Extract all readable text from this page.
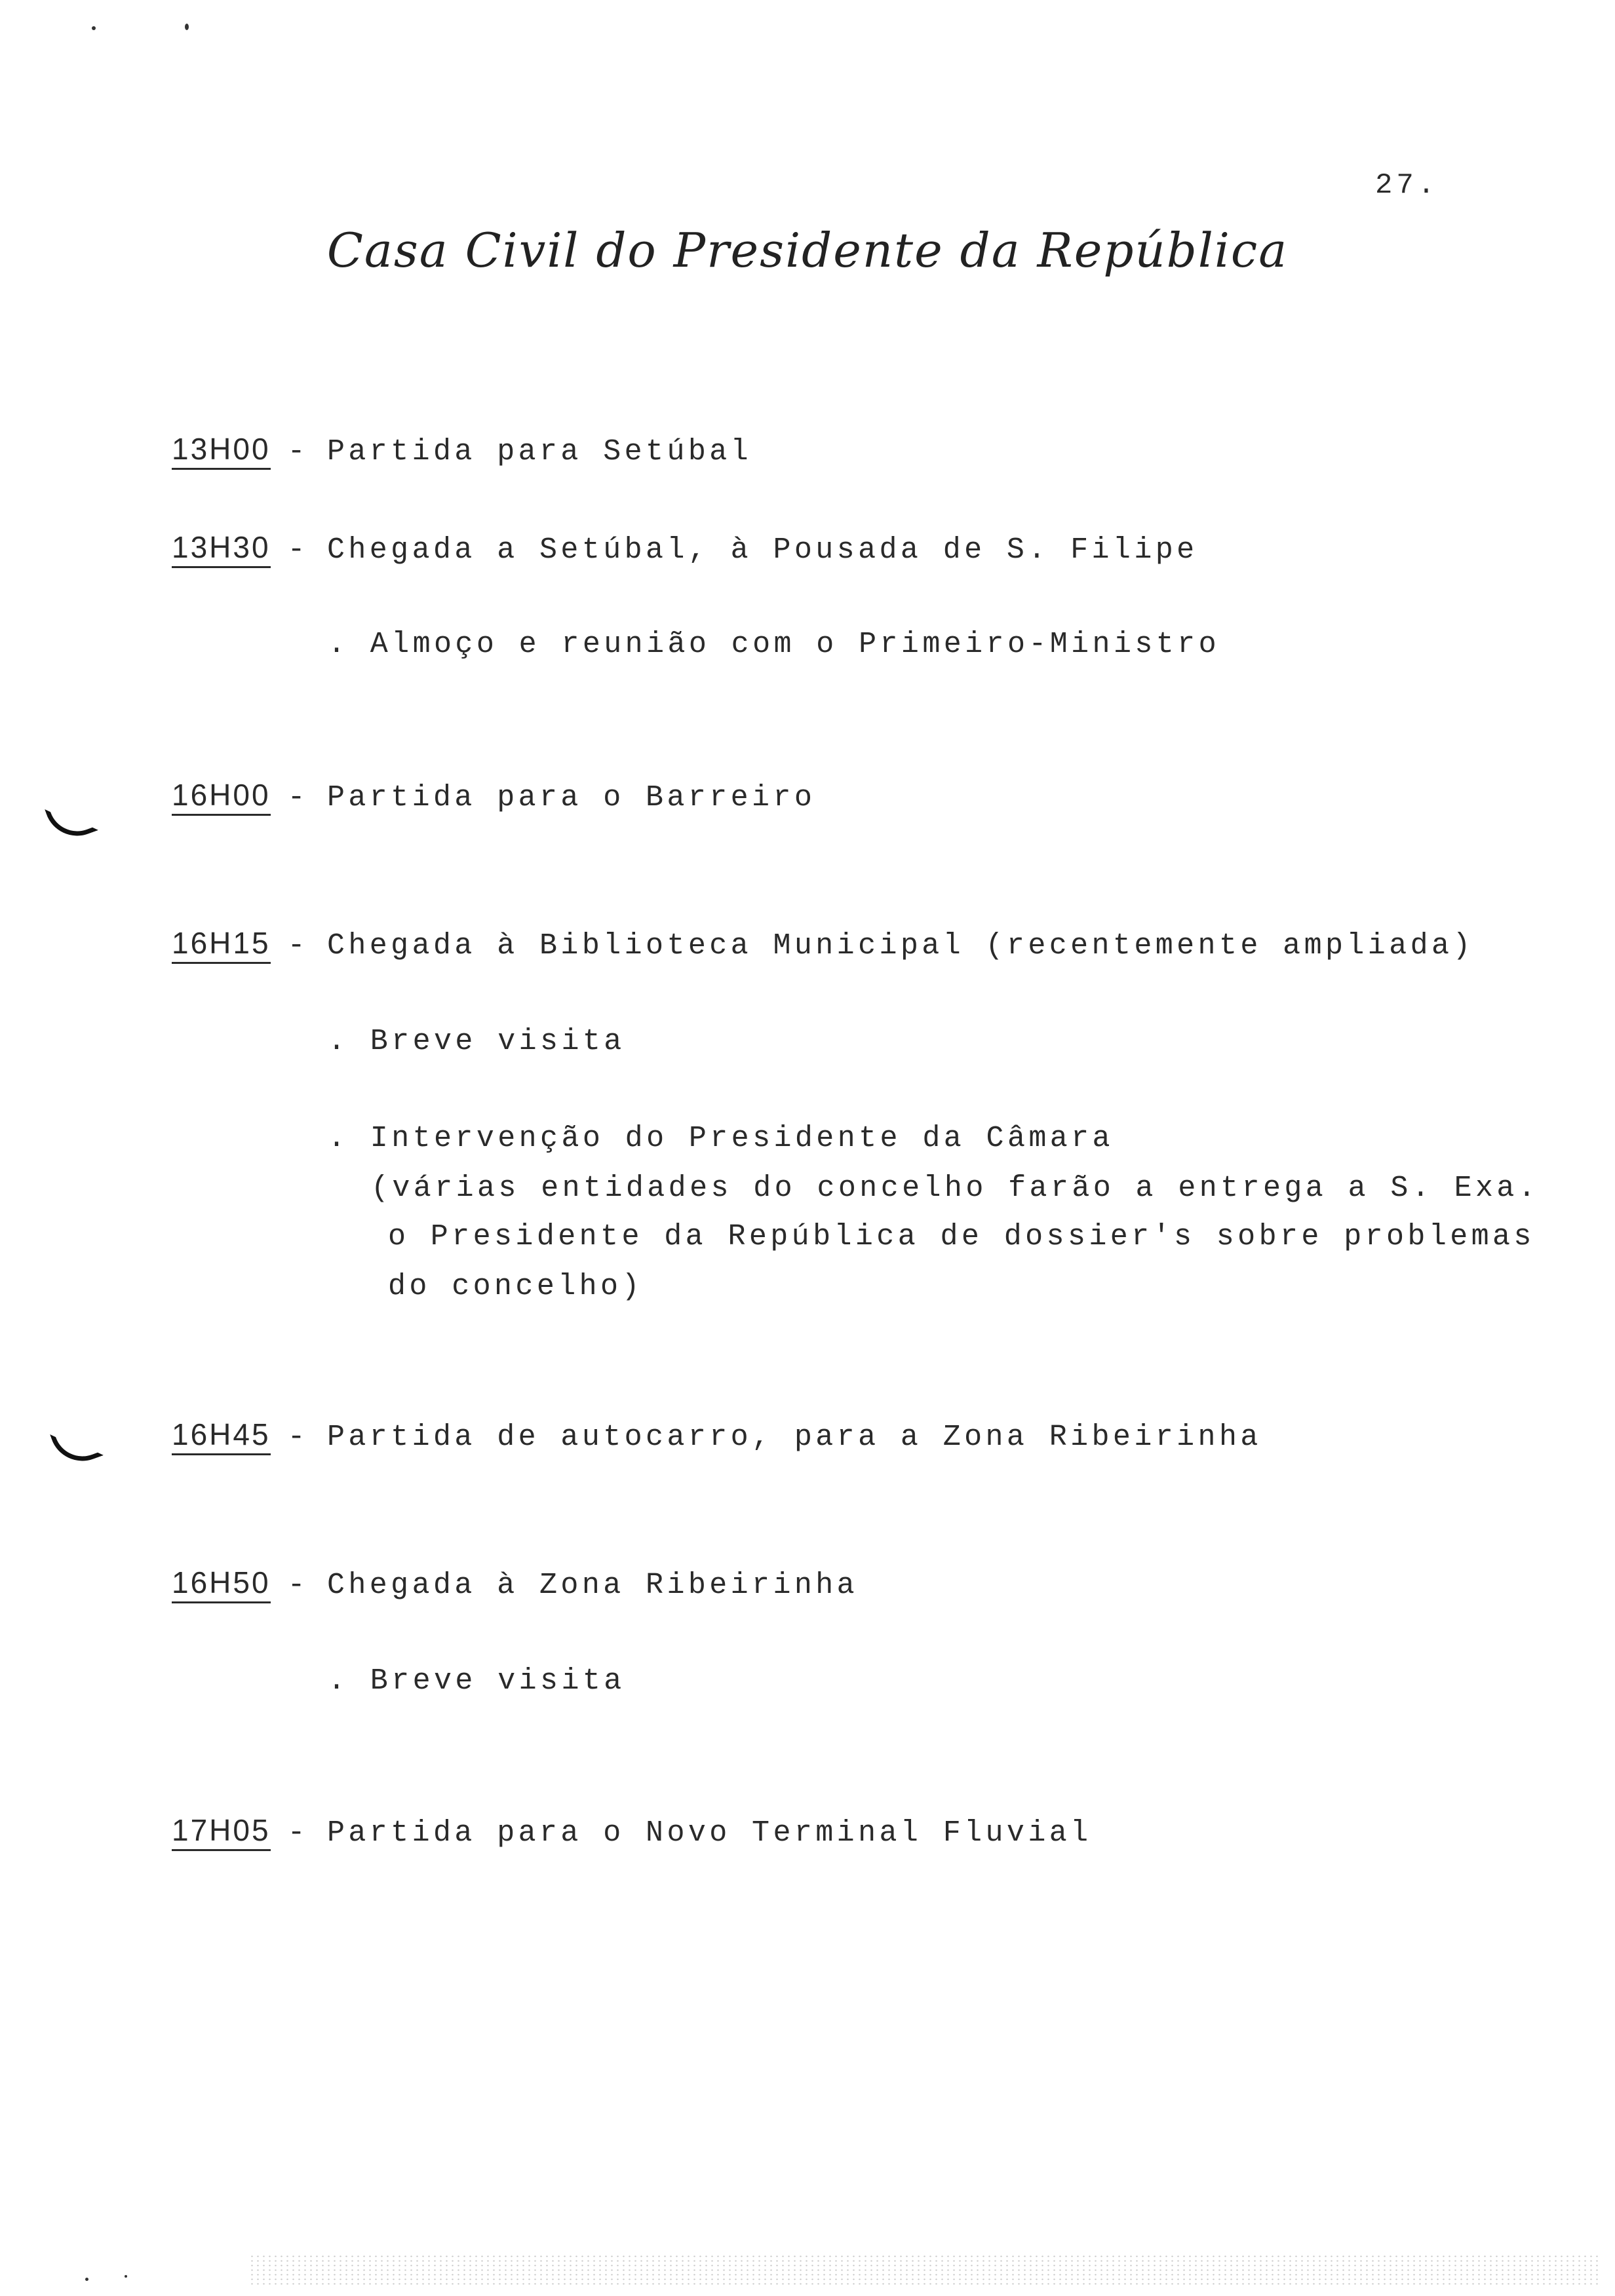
27.
Casa Civil do Presidente da República
13H00 - Partida para Setúbal
13H30 - Chegada a Setúbal, à Pousada de S. Filipe
. Almoço e reunião com o Primeiro-Ministro
16H00 - Partida para o Barreiro
16H15 - Chegada à Biblioteca Municipal (recentemente ampliada)
. Breve visita
. Intervenção do Presidente da Câmara
(várias entidades do concelho farão a entrega a S. Exa.
o Presidente da República de dossier's sobre problemas
do concelho)
16H45 - Partida de autocarro, para a Zona Ribeirinha
16H50 - Chegada à Zona Ribeirinha
. Breve visita
17H05 - Partida para o Novo Terminal Fluvial
